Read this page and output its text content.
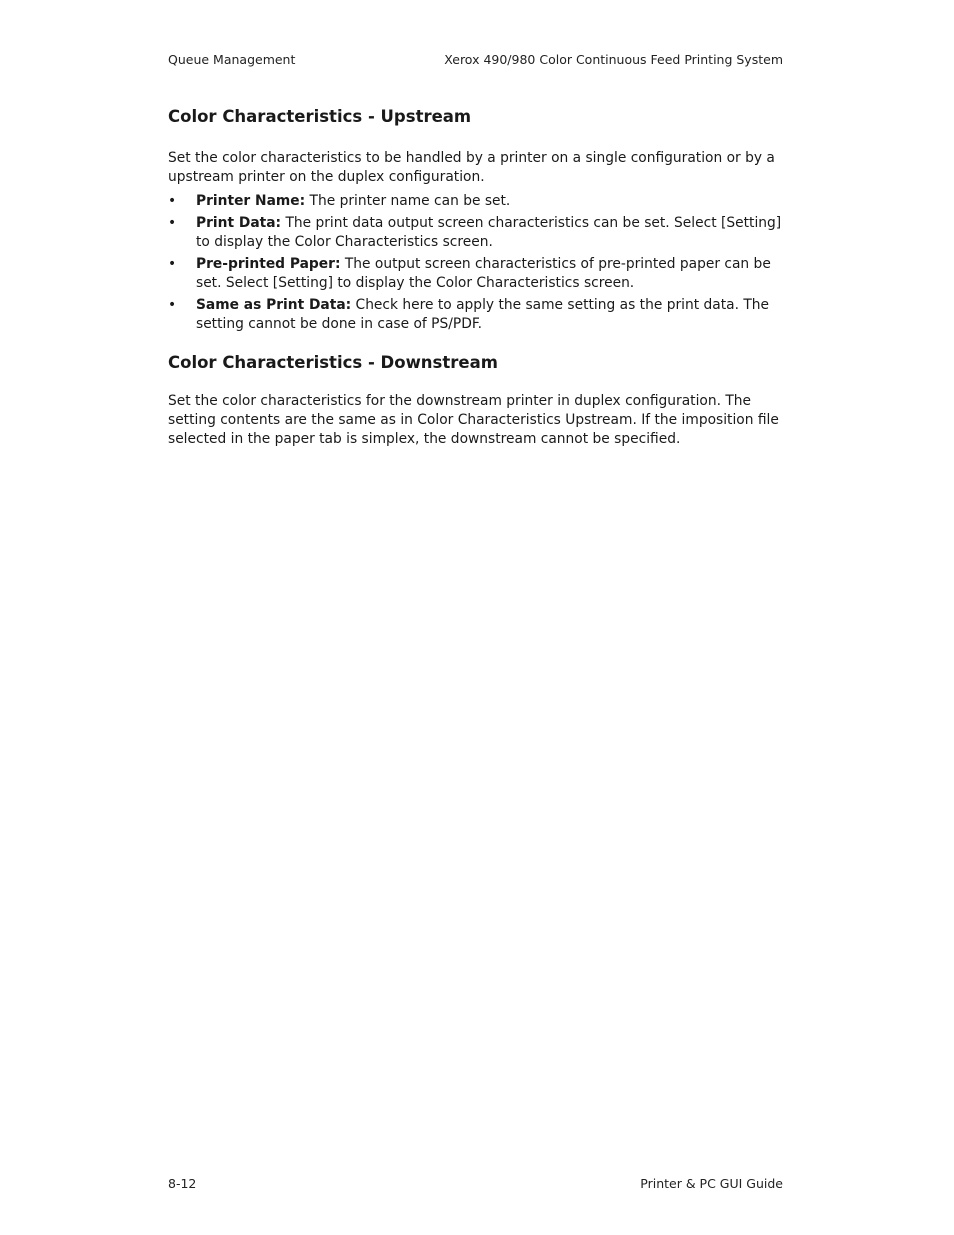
Queue Management	Xerox 490/980 Color Continuous Feed Printing System
Color Characteristics - Upstream

Set the color characteristics to be handled by a printer on a single configuration or by a upstream printer on the duplex configuration.

• Printer Name: The printer name can be set.
• Print Data: The print data output screen characteristics can be set. Select [Setting] to display the Color Characteristics screen.
• Pre-printed Paper: The output screen characteristics of pre-printed paper can be set. Select [Setting] to display the Color Characteristics screen.
• Same as Print Data: Check here to apply the same setting as the print data. The setting cannot be done in case of PS/PDF.
Color Characteristics - Downstream

Set the color characteristics for the downstream printer in duplex configuration. The setting contents are the same as in Color Characteristics Upstream. If the imposition file selected in the paper tab is simplex, the downstream cannot be specified.

8-12	Printer & PC GUI Guide
